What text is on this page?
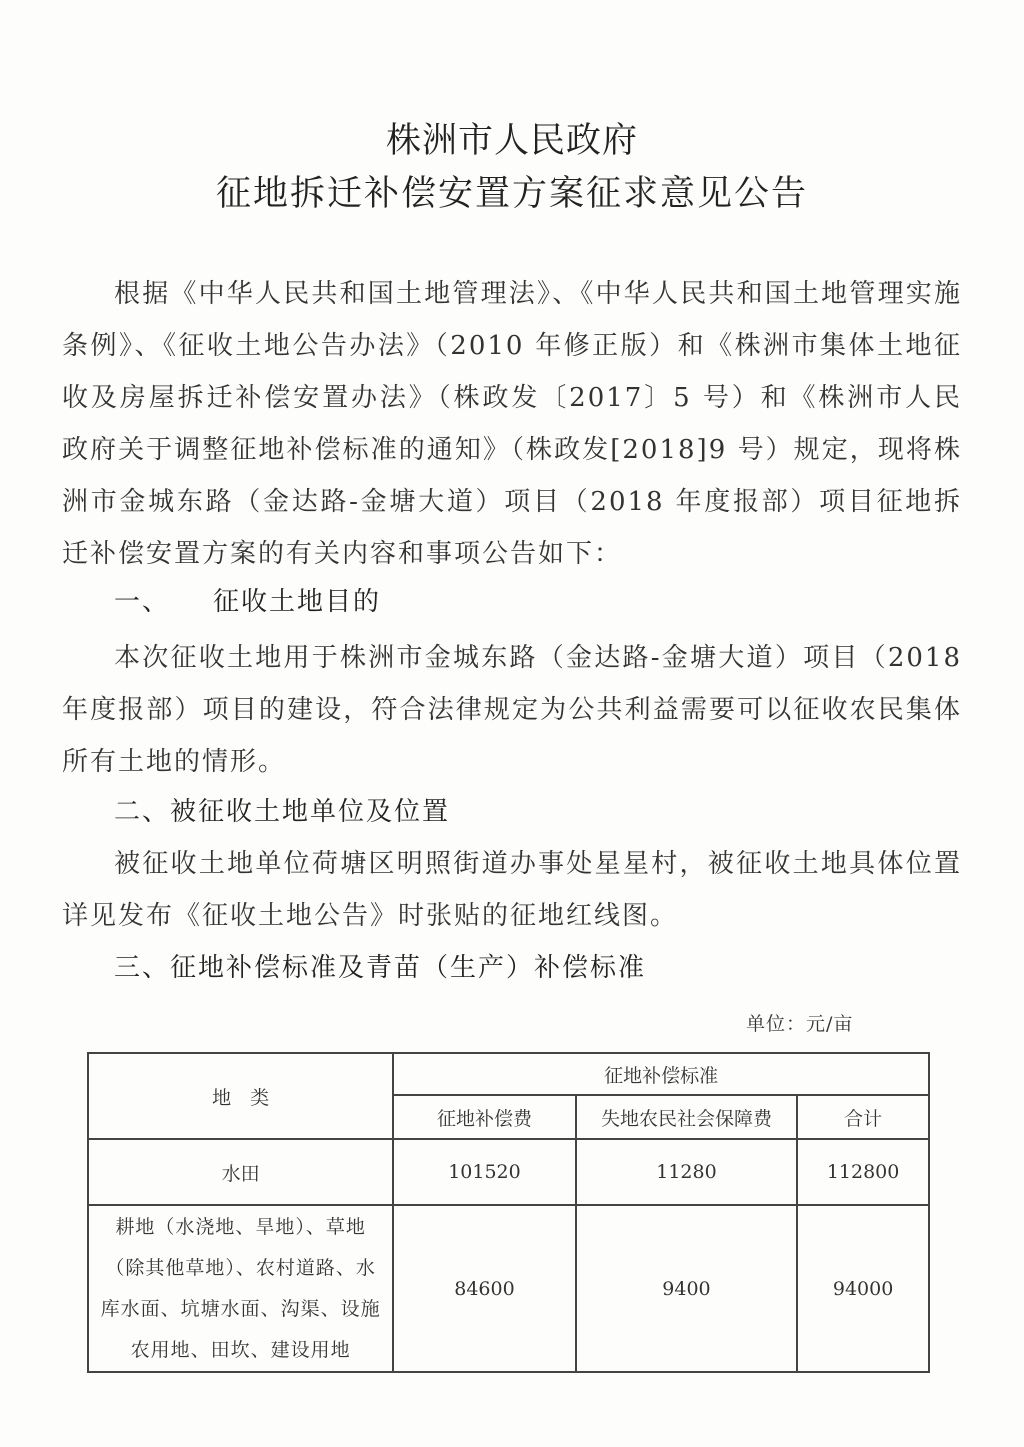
株洲市人民政府
征地拆迁补偿安置方案征求意见公告
根据《中华人民共和国土地管理法》、《中华人民共和国土地管理实施条例》、《征收土地公告办法》（2010 年修正版）和《株洲市集体土地征收及房屋拆迁补偿安置办法》（株政发〔2017〕5 号）和《株洲市人民政府关于调整征地补偿标准的通知》（株政发[2018]9 号）规定，现将株洲市金城东路（金达路-金塘大道）项目（2018 年度报部）项目征地拆迁补偿安置方案的有关内容和事项公告如下：
一、　　征收土地目的
本次征收土地用于株洲市金城东路（金达路-金塘大道）项目（2018 年度报部）项目的建设，符合法律规定为公共利益需要可以征收农民集体所有土地的情形。
二、被征收土地单位及位置
被征收土地单位荷塘区明照街道办事处星星村，被征收土地具体位置详见发布《征收土地公告》时张贴的征地红线图。
三、征地补偿标准及青苗（生产）补偿标准
单位：元/亩
地　类	征地补偿标准		
	征地补偿费	失地农民社会保障费	合计
水田	101520	11280	112800
耕地（水浇地、旱地）、草地（除其他草地）、农村道路、水库水面、坑塘水面、沟渠、设施农用地、田坎、建设用地	84600	9400	94000
